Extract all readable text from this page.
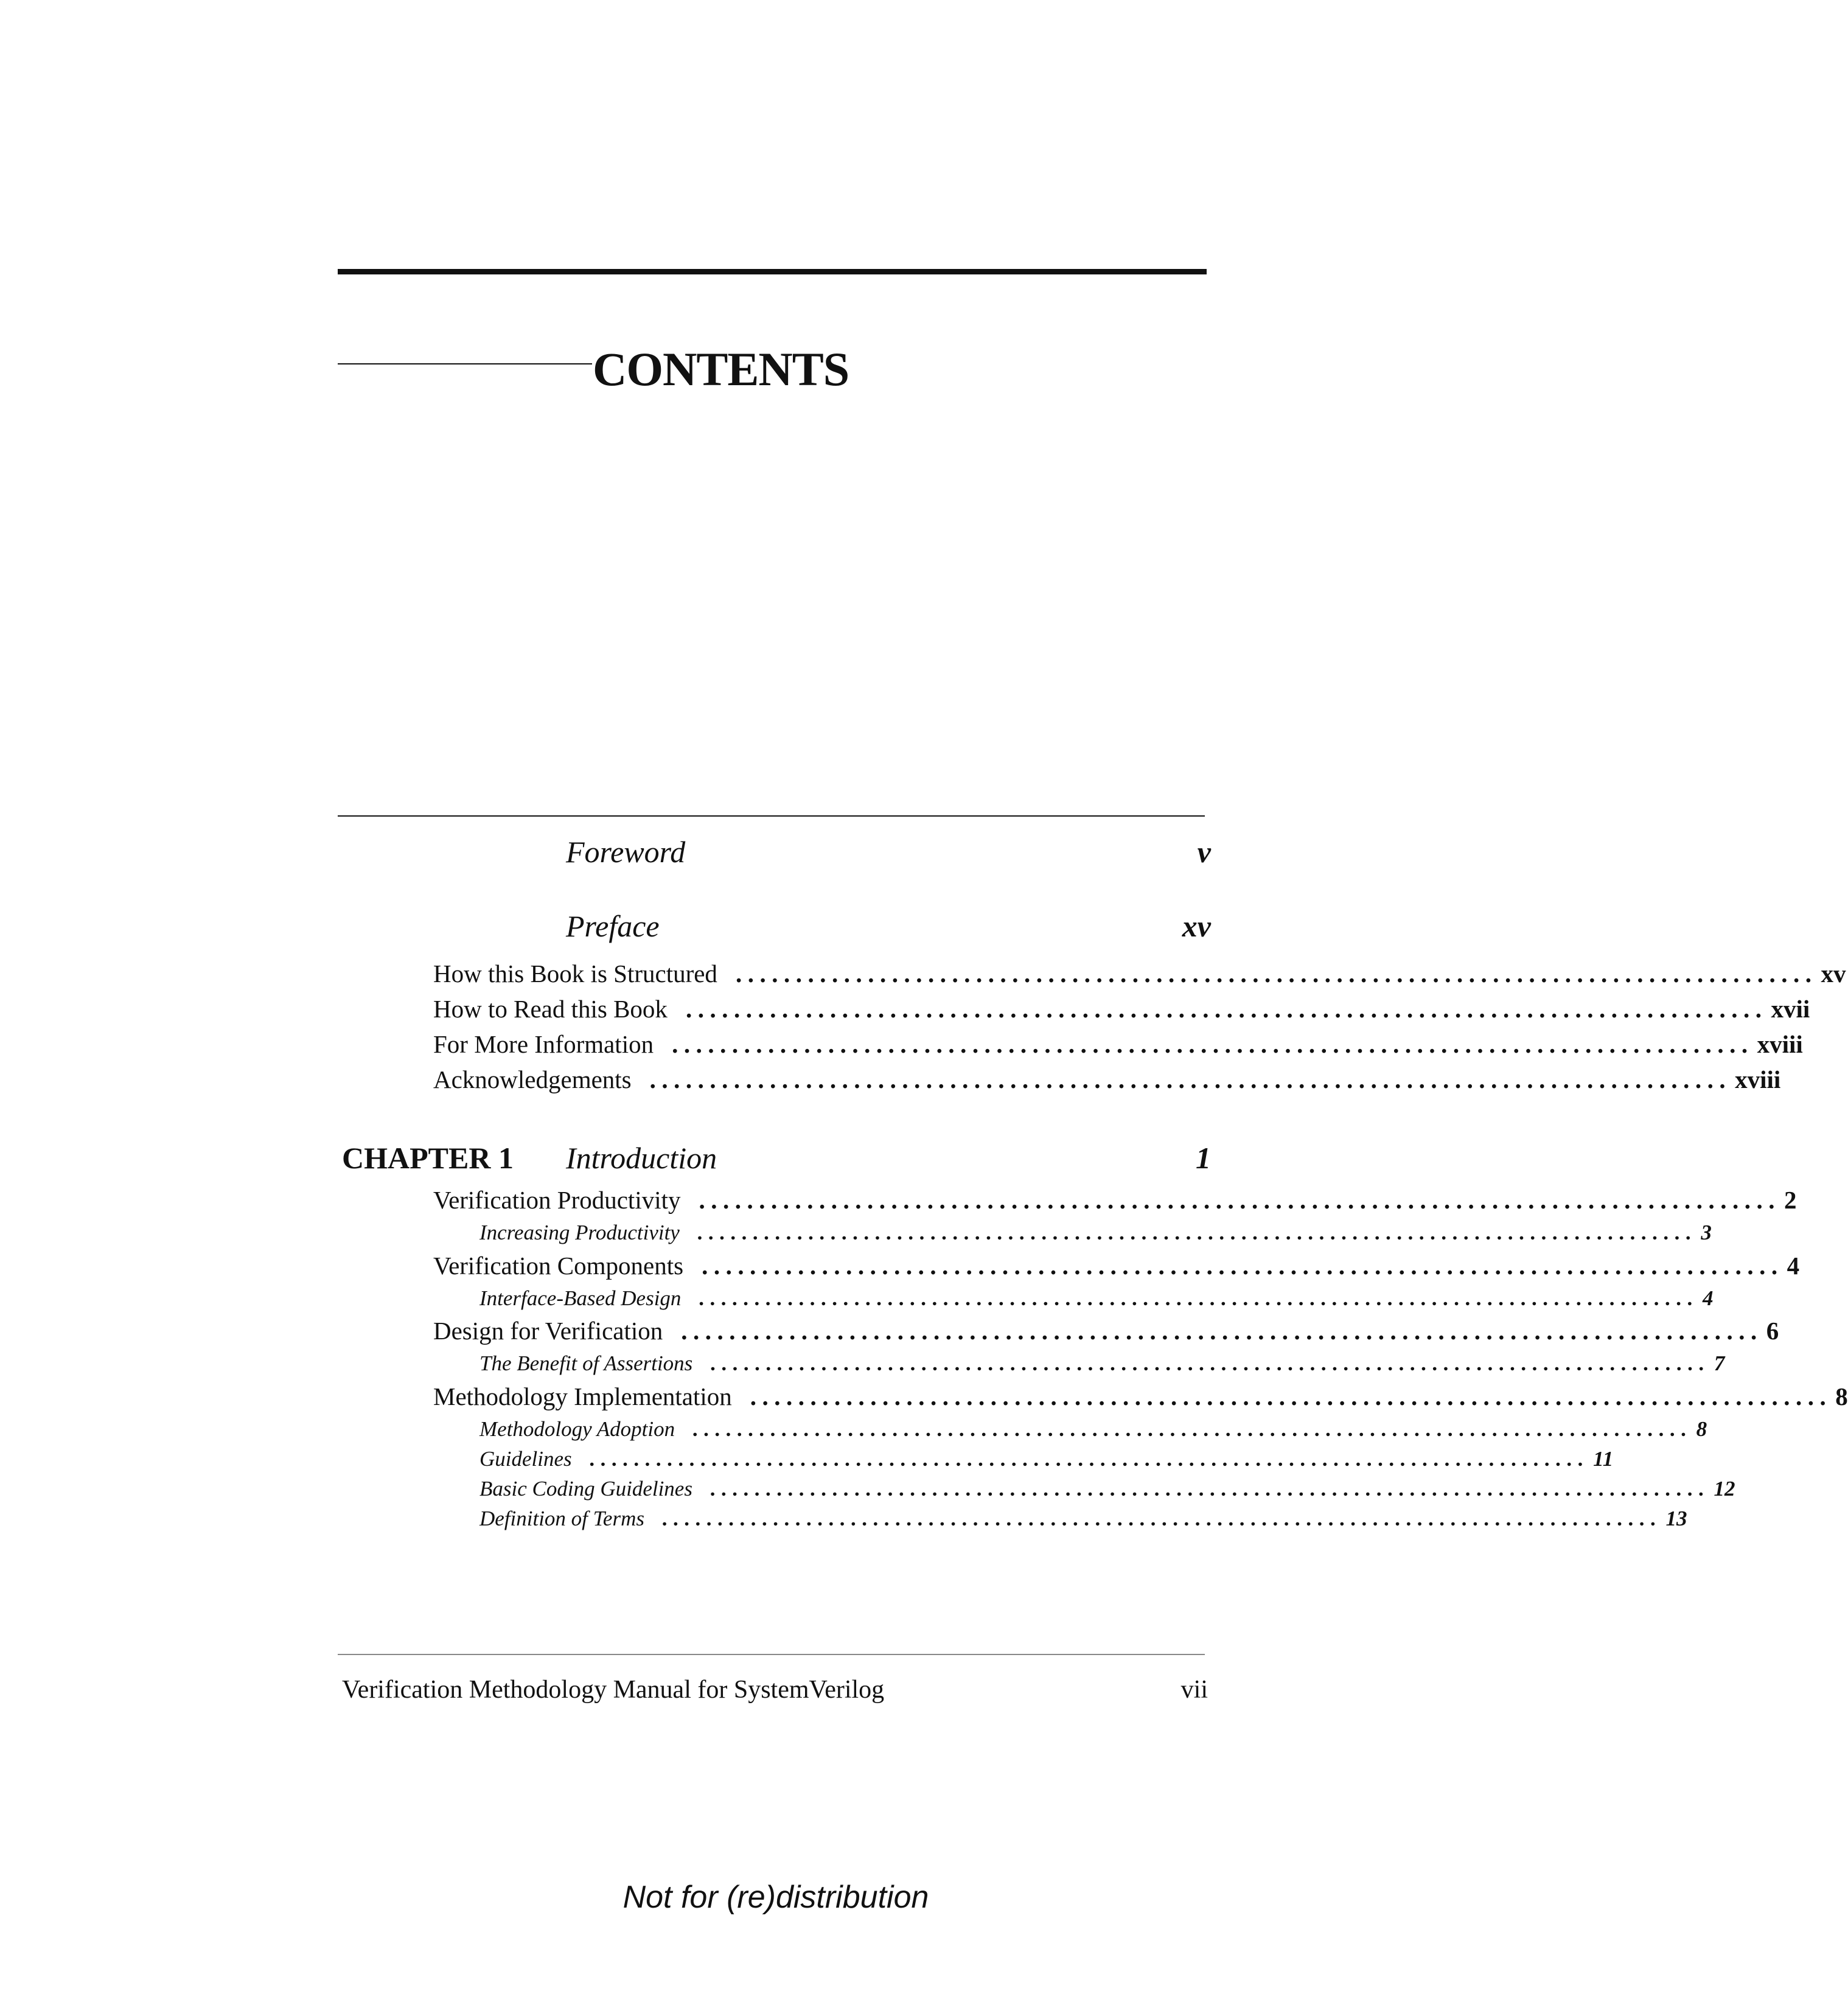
CONTENTS
Foreword	v
Preface	xv
How this Book is Structured .......................................................................................... xv
How to Read this Book .......................................................................................... xvii
For More Information .......................................................................................... xviii
Acknowledgements .......................................................................................... xviii
CHAPTER 1 Introduction	1
Verification Productivity .......................................................................................... 2
Increasing Productivity .......................................................................................... 3
Verification Components .......................................................................................... 4
Interface-Based Design .......................................................................................... 4
Design for Verification .......................................................................................... 6
The Benefit of Assertions .......................................................................................... 7
Methodology Implementation .......................................................................................... 8
Methodology Adoption .......................................................................................... 8
Guidelines .......................................................................................... 11
Basic Coding Guidelines .......................................................................................... 12
Definition of Terms .......................................................................................... 13
Verification Methodology Manual for SystemVerilog	vii
Not for (re)distribution
